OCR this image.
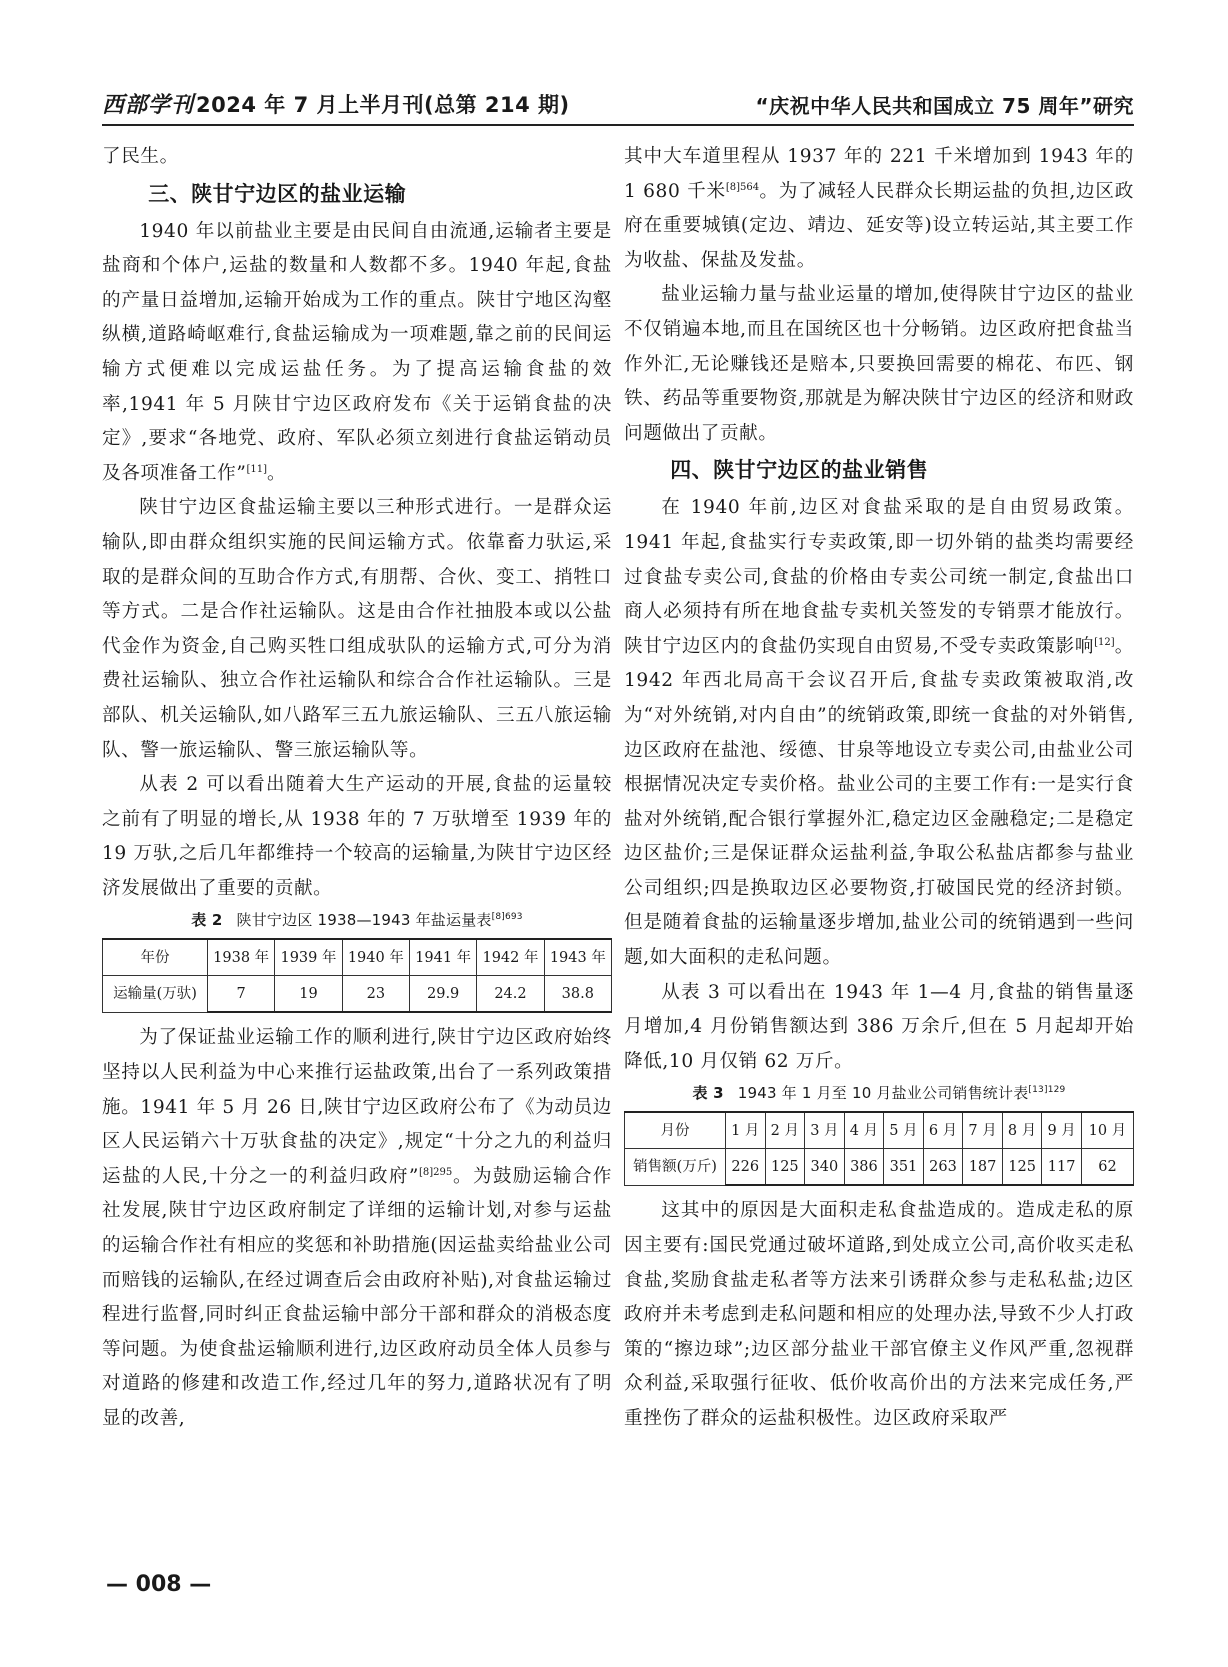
西部学刊 2024 年 7 月上半月刊(总第 214 期)	“庆祝中华人民共和国成立 75 周年”研究

了民生。

三、陕甘宁边区的盐业运输

1940 年以前盐业主要是由民间自由流通,运输者主要是盐商和个体户,运盐的数量和人数都不多。1940 年起,食盐的产量日益增加,运输开始成为工作的重点。陕甘宁地区沟壑纵横,道路崎岖难行,食盐运输成为一项难题,靠之前的民间运输方式便难以完成运盐任务。为了提高运输食盐的效率,1941 年 5 月陕甘宁边区政府发布《关于运销食盐的决定》,要求“各地党、政府、军队必须立刻进行食盐运销动员及各项准备工作”[11]。

陕甘宁边区食盐运输主要以三种形式进行。一是群众运输队,即由群众组织实施的民间运输方式。依靠畜力驮运,采取的是群众间的互助合作方式,有朋帮、合伙、变工、捎牲口等方式。二是合作社运输队。这是由合作社抽股本或以公盐代金作为资金,自己购买牲口组成驮队的运输方式,可分为消费社运输队、独立合作社运输队和综合合作社运输队。三是部队、机关运输队,如八路军三五九旅运输队、三五八旅运输队、警一旅运输队、警三旅运输队等。

从表 2 可以看出随着大生产运动的开展,食盐的运量较之前有了明显的增长,从 1938 年的 7 万驮增至 1939 年的 19 万驮,之后几年都维持一个较高的运输量,为陕甘宁边区经济发展做出了重要的贡献。

表 2 陕甘宁边区 1938—1943 年盐运量表$^{[8]693}$
年份	1938 年	1939 年	1940 年	1941 年	1942 年	1943 年
运输量(万驮)	7	19	23	29.9	24.2	38.8

为了保证盐业运输工作的顺利进行,陕甘宁边区政府始终坚持以人民利益为中心来推行运盐政策,出台了一系列政策措施。1941 年 5 月 26 日,陕甘宁边区政府公布了《为动员边区人民运销六十万驮食盐的决定》,规定“十分之九的利益归运盐的人民,十分之一的利益归政府”$^{[8]295}$。为鼓励运输合作社发展,陕甘宁边区政府制定了详细的运输计划,对参与运盐的运输合作社有相应的奖惩和补助措施(因运盐卖给盐业公司而赔钱的运输队,在经过调查后会由政府补贴),对食盐运输过程进行监督,同时纠正食盐运输中部分干部和群众的消极态度等问题。为使食盐运输顺利进行,边区政府动员全体人员参与对道路的修建和改造工作,经过几年的努力,道路状况有了明显的改善,

其中大车道里程从 1937 年的 221 千米增加到 1943 年的 1 680 千米$^{[8]564}$。为了减轻人民群众长期运盐的负担,边区政府在重要城镇(定边、靖边、延安等)设立转运站,其主要工作为收盐、保盐及发盐。

盐业运输力量与盐业运量的增加,使得陕甘宁边区的盐业不仅销遍本地,而且在国统区也十分畅销。边区政府把食盐当作外汇,无论赚钱还是赔本,只要换回需要的棉花、布匹、钢铁、药品等重要物资,那就是为解决陕甘宁边区的经济和财政问题做出了贡献。

四、陕甘宁边区的盐业销售

在 1940 年前,边区对食盐采取的是自由贸易政策。1941 年起,食盐实行专卖政策,即一切外销的盐类均需要经过食盐专卖公司,食盐的价格由专卖公司统一制定,食盐出口商人必须持有所在地食盐专卖机关签发的专销票才能放行。陕甘宁边区内的食盐仍实现自由贸易,不受专卖政策影响[12]。1942 年西北局高干会议召开后,食盐专卖政策被取消,改为“对外统销,对内自由”的统销政策,即统一食盐的对外销售,边区政府在盐池、绥德、甘泉等地设立专卖公司,由盐业公司根据情况决定专卖价格。盐业公司的主要工作有:一是实行食盐对外统销,配合银行掌握外汇,稳定边区金融稳定;二是稳定边区盐价;三是保证群众运盐利益,争取公私盐店都参与盐业公司组织;四是换取边区必要物资,打破国民党的经济封锁。但是随着食盐的运输量逐步增加,盐业公司的统销遇到一些问题,如大面积的走私问题。

从表 3 可以看出在 1943 年 1—4 月,食盐的销售量逐月增加,4 月份销售额达到 386 万余斤,但在 5 月起却开始降低,10 月仅销 62 万斤。

表 3 1943 年 1 月至 10 月盐业公司销售统计表$^{[13]129}$
月份	1 月	2 月	3 月	4 月	5 月	6 月	7 月	8 月	9 月	10 月
销售额(万斤)	226	125	340	386	351	263	187	125	117	62

这其中的原因是大面积走私食盐造成的。造成走私的原因主要有:国民党通过破坏道路,到处成立公司,高价收买走私食盐,奖励食盐走私者等方法来引诱群众参与走私私盐;边区政府并未考虑到走私问题和相应的处理办法,导致不少人打政策的“擦边球”;边区部分盐业干部官僚主义作风严重,忽视群众利益,采取强行征收、低价收高价出的方法来完成任务,严重挫伤了群众的运盐积极性。边区政府采取严

— 008 —
